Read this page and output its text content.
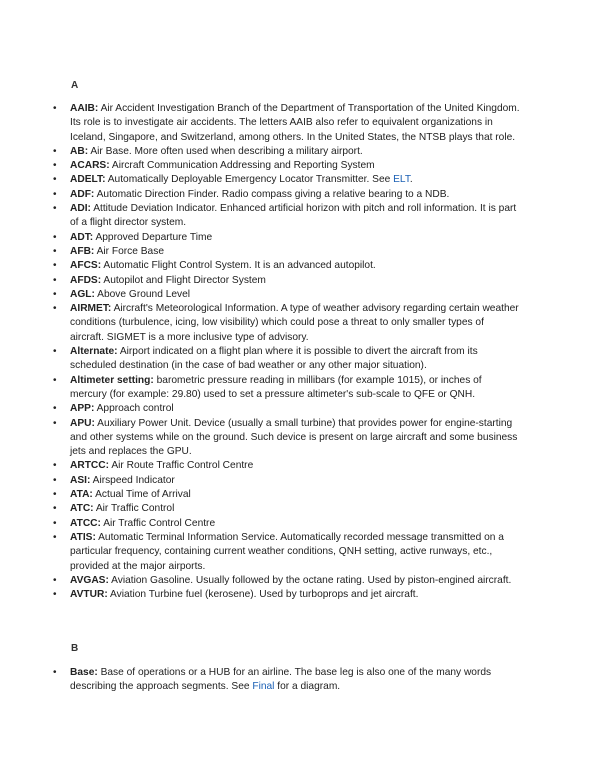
A
• AAIB: Air Accident Investigation Branch of the Department of Transportation of the United Kingdom. Its role is to investigate air accidents. The letters AAIB also refer to equivalent organizations in Iceland, Singapore, and Switzerland, among others. In the United States, the NTSB plays that role.
• AB: Air Base. More often used when describing a military airport.
• ACARS: Aircraft Communication Addressing and Reporting System
• ADELT: Automatically Deployable Emergency Locator Transmitter. See ELT.
• ADF: Automatic Direction Finder. Radio compass giving a relative bearing to a NDB.
• ADI: Attitude Deviation Indicator. Enhanced artificial horizon with pitch and roll information. It is part of a flight director system.
• ADT: Approved Departure Time
• AFB: Air Force Base
• AFCS: Automatic Flight Control System. It is an advanced autopilot.
• AFDS: Autopilot and Flight Director System
• AGL: Above Ground Level
• AIRMET: Aircraft's Meteorological Information. A type of weather advisory regarding certain weather conditions (turbulence, icing, low visibility) which could pose a threat to only smaller types of aircraft. SIGMET is a more inclusive type of advisory.
• Alternate: Airport indicated on a flight plan where it is possible to divert the aircraft from its scheduled destination (in the case of bad weather or any other major situation).
• Altimeter setting: barometric pressure reading in millibars (for example 1015), or inches of mercury (for example: 29.80) used to set a pressure altimeter's sub-scale to QFE or QNH.
• APP: Approach control
• APU: Auxiliary Power Unit. Device (usually a small turbine) that provides power for engine-starting and other systems while on the ground. Such device is present on large aircraft and some business jets and replaces the GPU.
• ARTCC: Air Route Traffic Control Centre
• ASI: Airspeed Indicator
• ATA: Actual Time of Arrival
• ATC: Air Traffic Control
• ATCC: Air Traffic Control Centre
• ATIS: Automatic Terminal Information Service. Automatically recorded message transmitted on a particular frequency, containing current weather conditions, QNH setting, active runways, etc., provided at the major airports.
• AVGAS: Aviation Gasoline. Usually followed by the octane rating. Used by piston-engined aircraft.
• AVTUR: Aviation Turbine fuel (kerosene). Used by turboprops and jet aircraft.
B
• Base: Base of operations or a HUB for an airline. The base leg is also one of the many words describing the approach segments. See Final for a diagram.
